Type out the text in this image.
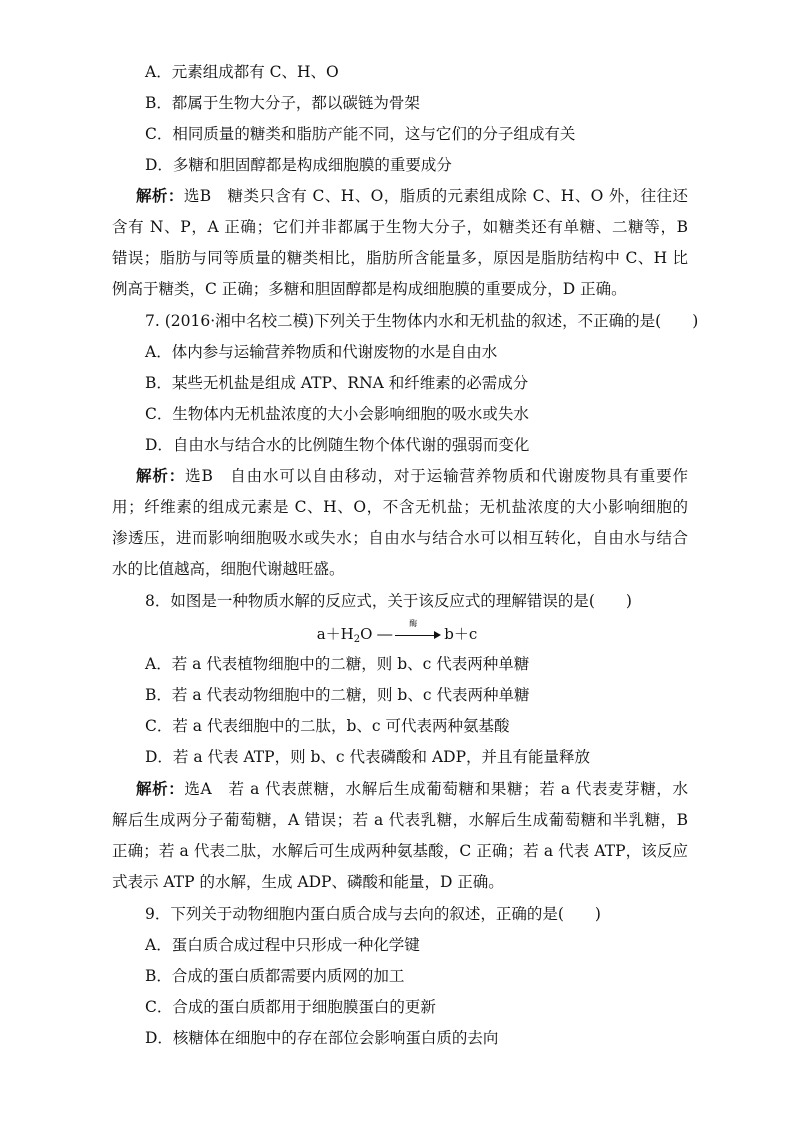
A．元素组成都有 C、H、O
B．都属于生物大分子，都以碳链为骨架
C．相同质量的糖类和脂肪产能不同，这与它们的分子组成有关
D．多糖和胆固醇都是构成细胞膜的重要成分
解析：选B　糖类只含有 C、H、O，脂质的元素组成除 C、H、O 外，往往还
含有 N、P，A 正确；它们并非都属于生物大分子，如糖类还有单糖、二糖等，B
错误；脂肪与同等质量的糖类相比，脂肪所含能量多，原因是脂肪结构中 C、H 比
例高于糖类，C 正确；多糖和胆固醇都是构成细胞膜的重要成分，D 正确。
7. (2016·湘中名校二模)下列关于生物体内水和无机盐的叙述，不正确的是(　　)
A．体内参与运输营养物质和代谢废物的水是自由水
B．某些无机盐是组成 ATP、RNA 和纤维素的必需成分
C．生物体内无机盐浓度的大小会影响细胞的吸水或失水
D．自由水与结合水的比例随生物个体代谢的强弱而变化
解析：选B　自由水可以自由移动，对于运输营养物质和代谢废物具有重要作
用；纤维素的组成元素是 C、H、O，不含无机盐；无机盐浓度的大小影响细胞的
渗透压，进而影响细胞吸水或失水；自由水与结合水可以相互转化，自由水与结合
水的比值越高，细胞代谢越旺盛。
8．如图是一种物质水解的反应式，关于该反应式的理解错误的是(　　)
$a+H_2O$ ―
酶
b＋c
A．若 a 代表植物细胞中的二糖，则 b、c 代表两种单糖
B．若 a 代表动物细胞中的二糖，则 b、c 代表两种单糖
C．若 a 代表细胞中的二肽，b、c 可代表两种氨基酸
D．若 a 代表 ATP，则 b、c 代表磷酸和 ADP，并且有能量释放
解析：选A　若 a 代表蔗糖，水解后生成葡萄糖和果糖；若 a 代表麦芽糖，水
解后生成两分子葡萄糖，A 错误；若 a 代表乳糖，水解后生成葡萄糖和半乳糖，B
正确；若 a 代表二肽，水解后可生成两种氨基酸，C 正确；若 a 代表 ATP，该反应
式表示 ATP 的水解，生成 ADP、磷酸和能量，D 正确。
9．下列关于动物细胞内蛋白质合成与去向的叙述，正确的是(　　)
A．蛋白质合成过程中只形成一种化学键
B．合成的蛋白质都需要内质网的加工
C．合成的蛋白质都用于细胞膜蛋白的更新
D．核糖体在细胞中的存在部位会影响蛋白质的去向
